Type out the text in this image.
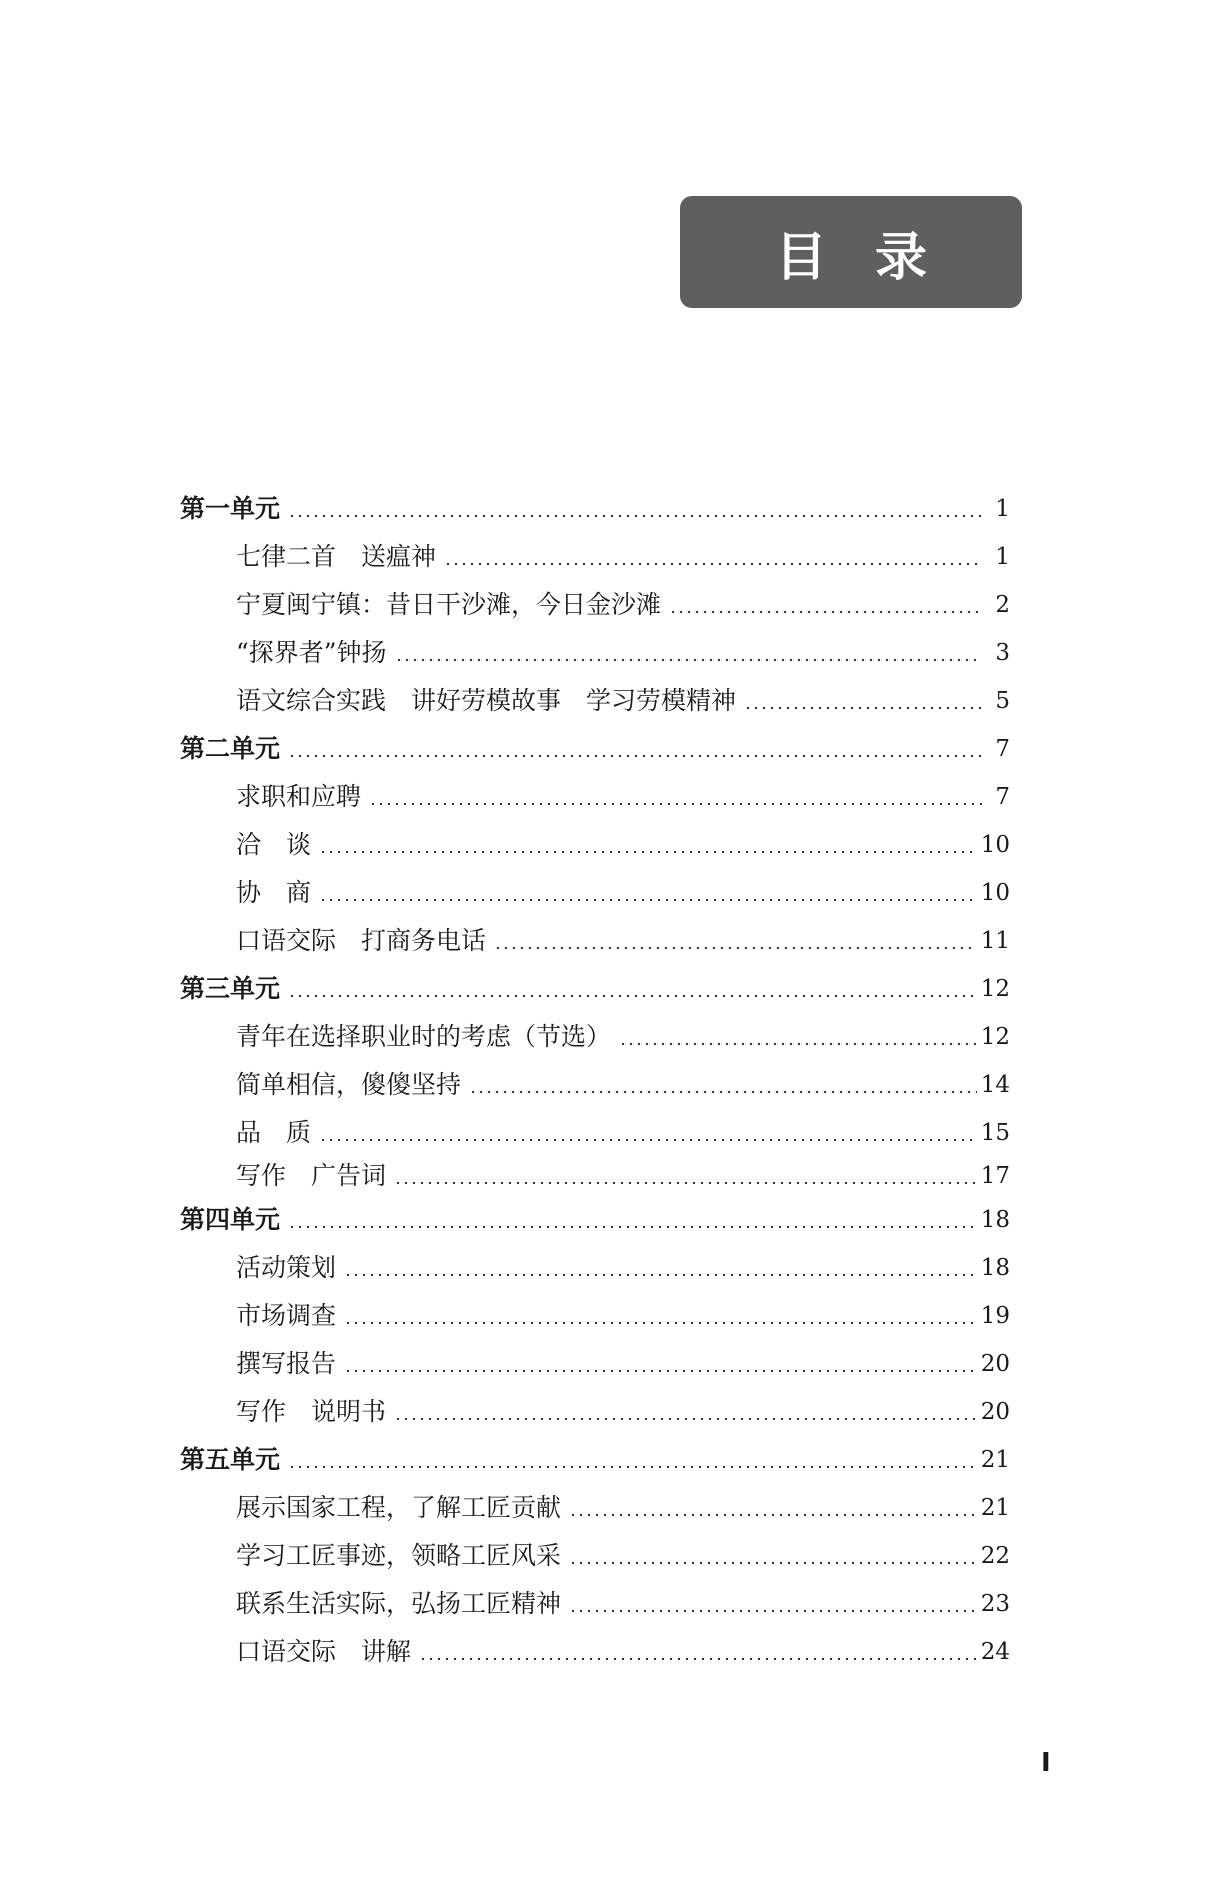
目录
第一单元	1
七律二首　送瘟神	1
宁夏闽宁镇：昔日干沙滩，今日金沙滩	2
“探界者”钟扬	3
语文综合实践　讲好劳模故事　学习劳模精神	5
第二单元	7
求职和应聘	7
洽　谈	10
协　商	10
口语交际　打商务电话	11
第三单元	12
青年在选择职业时的考虑（节选）	12
简单相信，傻傻坚持	14
品　质	15
写作　广告词	17
第四单元	18
活动策划	18
市场调查	19
撰写报告	20
写作　说明书	20
第五单元	21
展示国家工程，了解工匠贡献	21
学习工匠事迹，领略工匠风采	22
联系生活实际，弘扬工匠精神	23
口语交际　讲解	24
I
